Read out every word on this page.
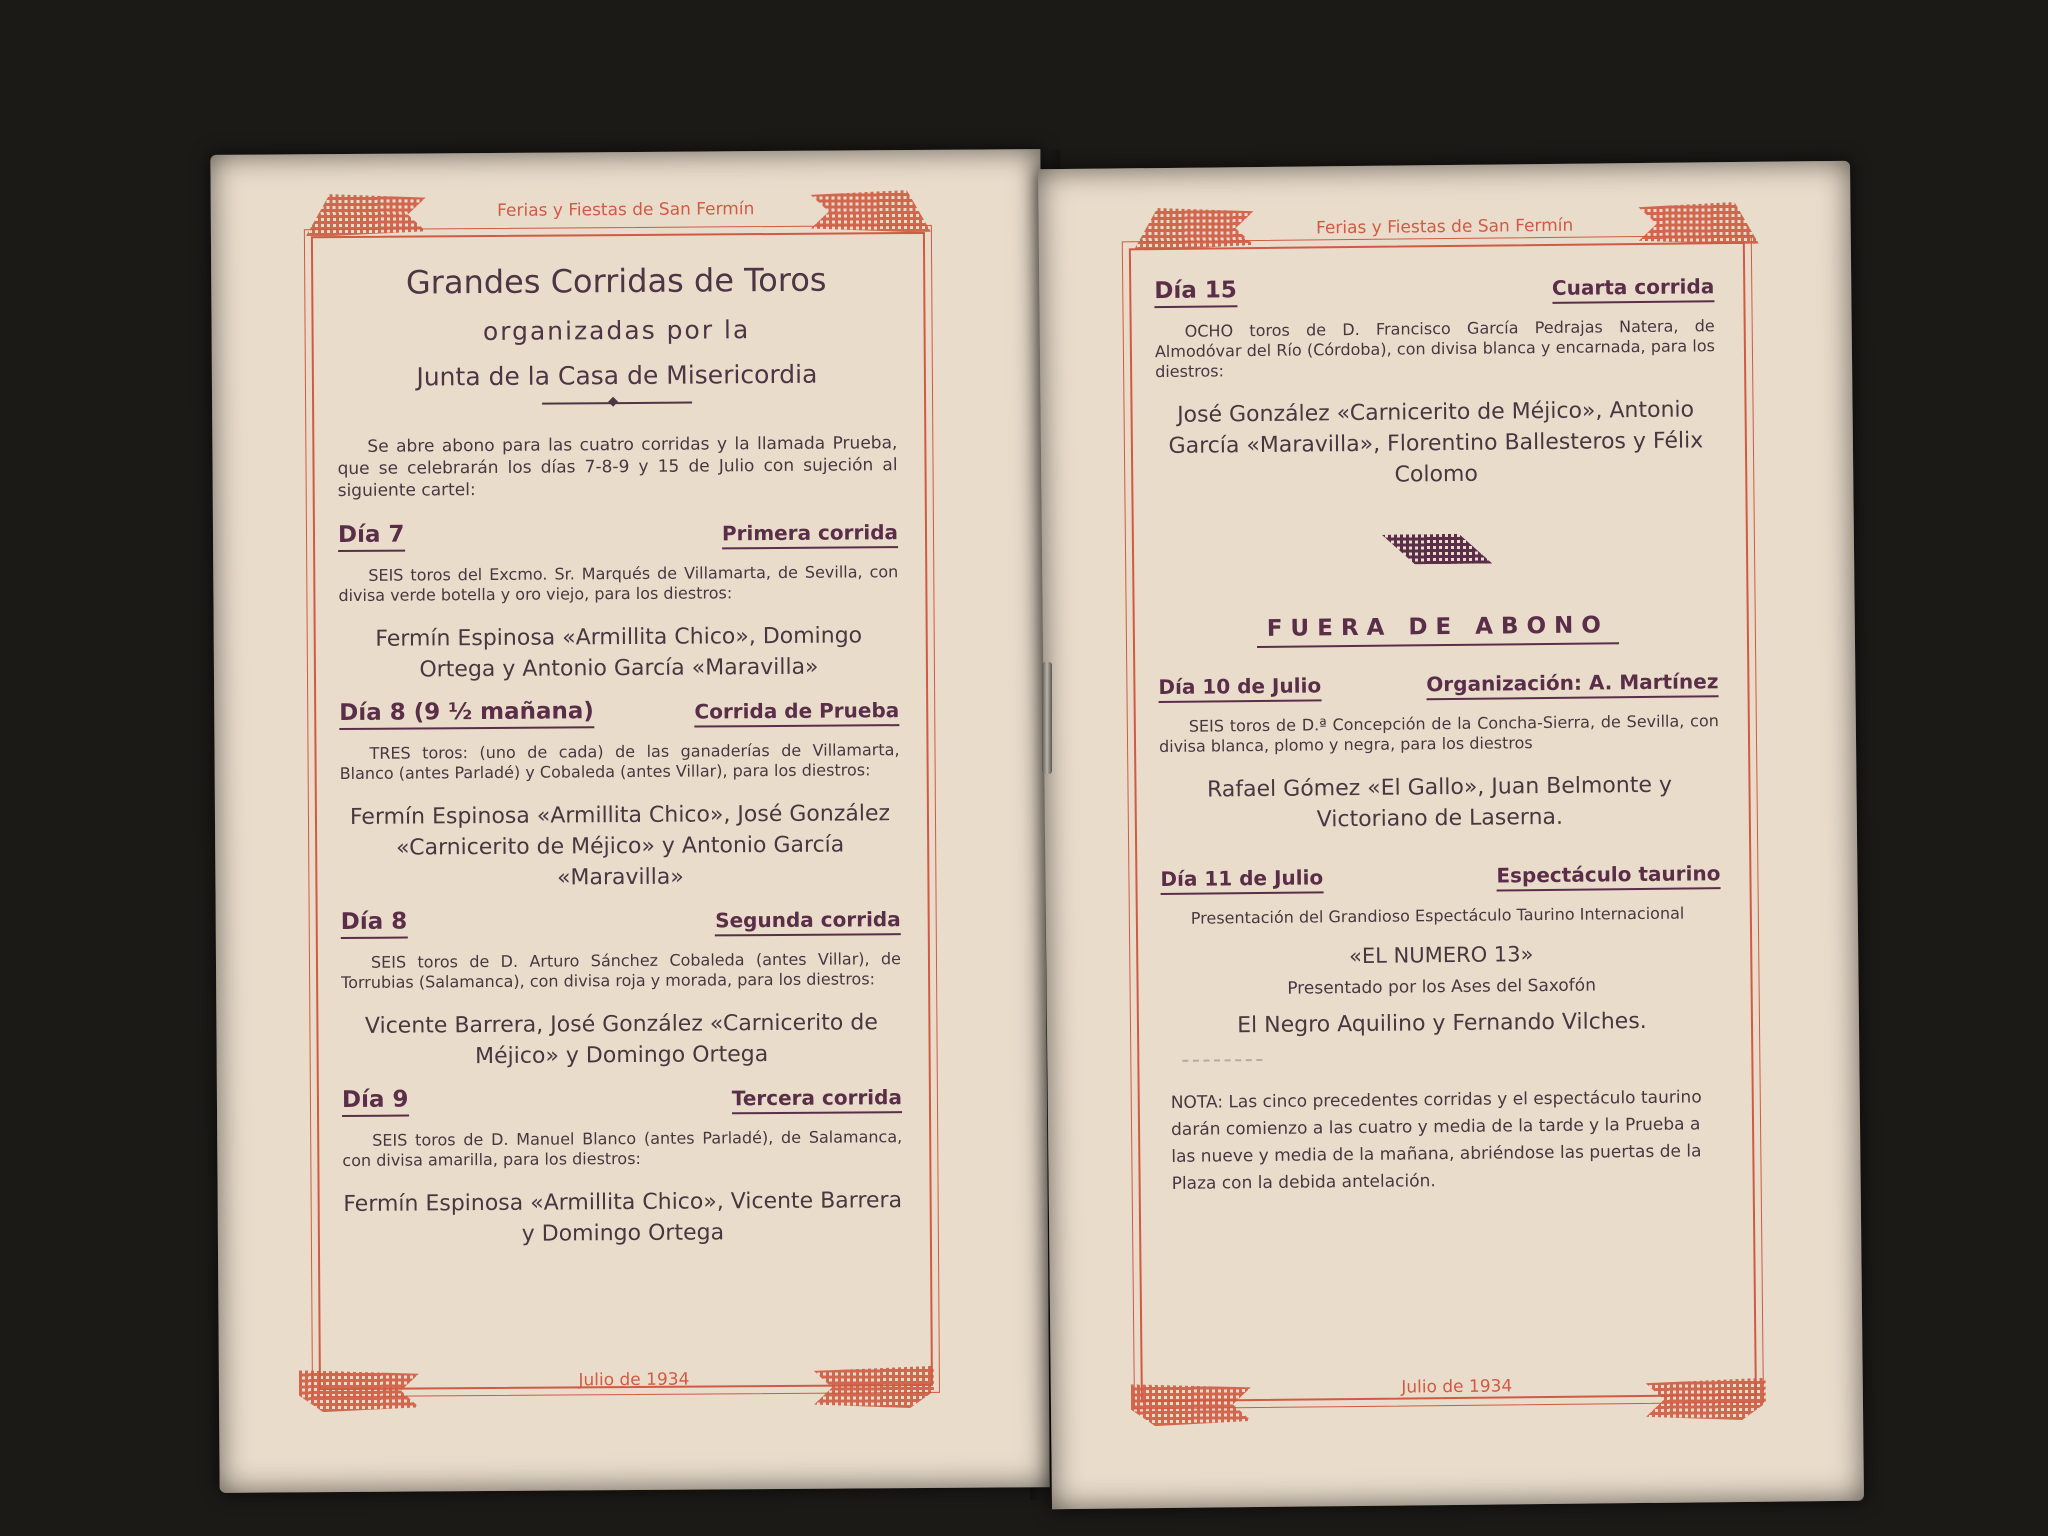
Ferias y Fiestas de San Fermín

Grandes Corridas de Toros

organizadas por la

Junta de la Casa de Misericordia

◆

Se abre abono para las cuatro corridas y la llamada Prueba, que se celebrarán los días 7-8-9 y 15 de Julio con sujeción al siguiente cartel:

Día 7	Primera corrida

SEIS toros del Excmo. Sr. Marqués de Villamarta, de Sevilla, con divisa verde botella y oro viejo, para los diestros:

Fermín Espinosa «Armillita Chico», Domingo Ortega y Antonio García «Maravilla»

Día 8 (9 ½ mañana)	Corrida de Prueba

TRES toros: (uno de cada) de las ganaderías de Villamarta, Blanco (antes Parladé) y Cobaleda (antes Villar), para los diestros:

Fermín Espinosa «Armillita Chico», José González «Carnicerito de Méjico» y Antonio García «Maravilla»

Día 8	Segunda corrida

SEIS toros de D. Arturo Sánchez Cobaleda (antes Villar), de Torrubias (Salamanca), con divisa roja y morada, para los diestros:

Vicente Barrera, José González «Carnicerito de Méjico» y Domingo Ortega

Día 9	Tercera corrida

SEIS toros de D. Manuel Blanco (antes Parladé), de Salamanca, con divisa amarilla, para los diestros:

Fermín Espinosa «Armillita Chico», Vicente Barrera y Domingo Ortega

Julio de 1934
Ferias y Fiestas de San Fermín
Día 15	Cuarta corrida

OCHO toros de D. Francisco García Pedrajas Natera, de Almodóvar del Río (Córdoba), con divisa blanca y encarnada, para los diestros:

José González «Carnicerito de Méjico», Antonio García «Maravilla», Florentino Ballesteros y Félix Colomo

FUERA DE ABONO

Día 10 de Julio	Organización: A. Martínez

SEIS toros de D.ª Concepción de la Concha-Sierra, de Sevilla, con divisa blanca, plomo y negra, para los diestros

Rafael Gómez «El Gallo», Juan Belmonte y Victoriano de Laserna.

Día 11 de Julio	Espectáculo taurino

Presentación del Grandioso Espectáculo Taurino Internacional

«EL NUMERO 13»

Presentado por los Ases del Saxofón

El Negro Aquilino y Fernando Vilches.

NOTA: Las cinco precedentes corridas y el espectáculo taurino darán comienzo a las cuatro y media de la tarde y la Prueba a las nueve y media de la mañana, abriéndose las puertas de la Plaza con la debida antelación.

Julio de 1934
